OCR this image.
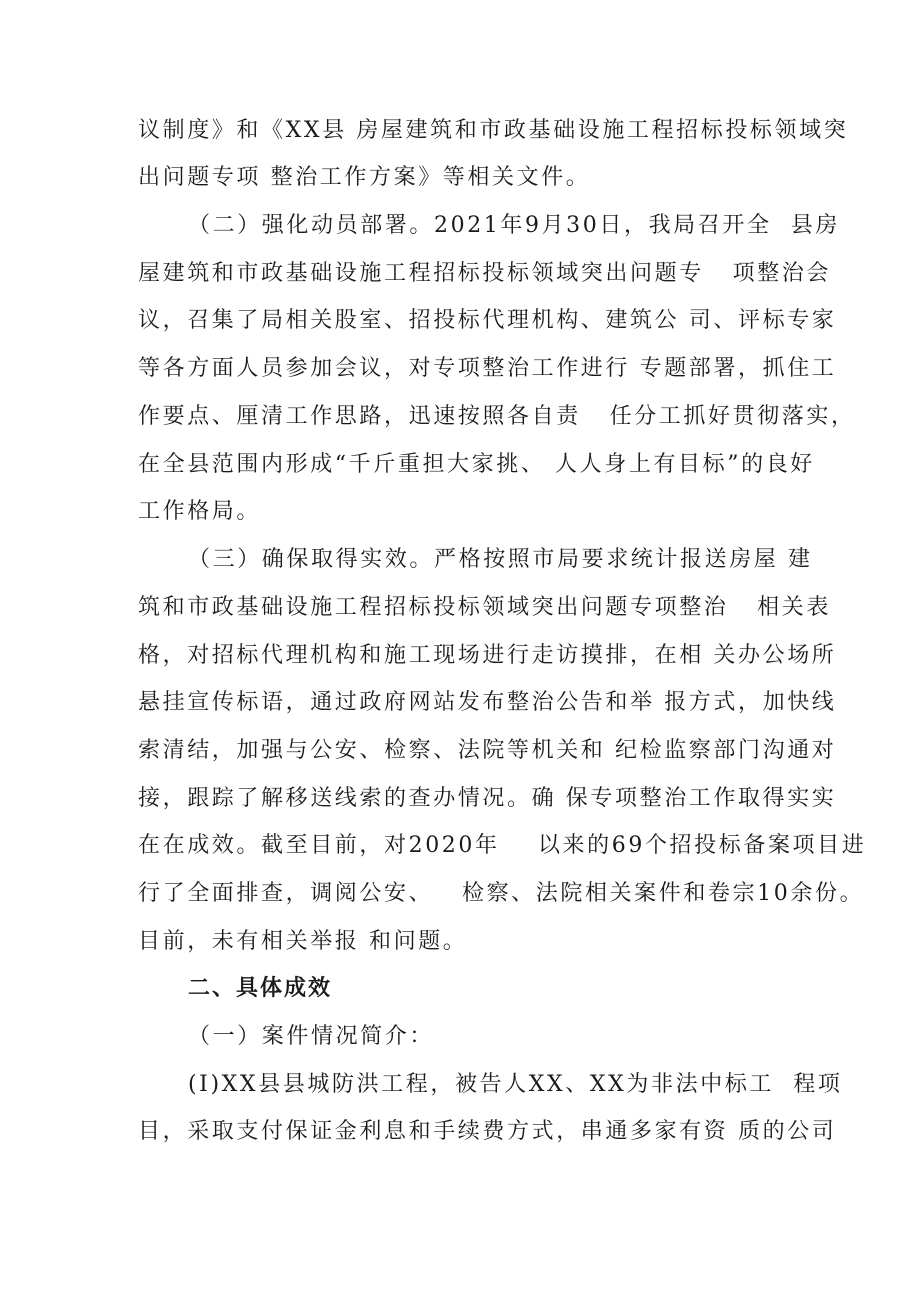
议制度》和《XX县 房屋建筑和市政基础设施工程招标投标领域突
出问题专项 整治工作方案》等相关文件。
（二）强化动员部署。2021年9月30日，我局召开全  县房
屋建筑和市政基础设施工程招标投标领域突出问题专   项整治会
议，召集了局相关股室、招投标代理机构、建筑公 司、评标专家
等各方面人员参加会议，对专项整治工作进行 专题部署，抓住工
作要点、厘清工作思路，迅速按照各自责   任分工抓好贯彻落实，
在全县范围内形成“千斤重担大家挑、 人人身上有目标”的良好
工作格局。
（三）确保取得实效。严格按照市局要求统计报送房屋 建
筑和市政基础设施工程招标投标领域突出问题专项整治   相关表
格，对招标代理机构和施工现场进行走访摸排，在相 关办公场所
悬挂宣传标语，通过政府网站发布整治公告和举 报方式，加快线
索清结，加强与公安、检察、法院等机关和 纪检监察部门沟通对
接，跟踪了解移送线索的查办情况。确 保专项整治工作取得实实
在在成效。截至目前，对2020年    以来的69个招投标备案项目进
行了全面排查，调阅公安、   检察、法院相关案件和卷宗10余份。
目前，未有相关举报 和问题。
二、具体成效
（一）案件情况简介：
(I)XX县县城防洪工程，被告人XX、XX为非法中标工  程项
目，采取支付保证金利息和手续费方式，串通多家有资 质的公司
